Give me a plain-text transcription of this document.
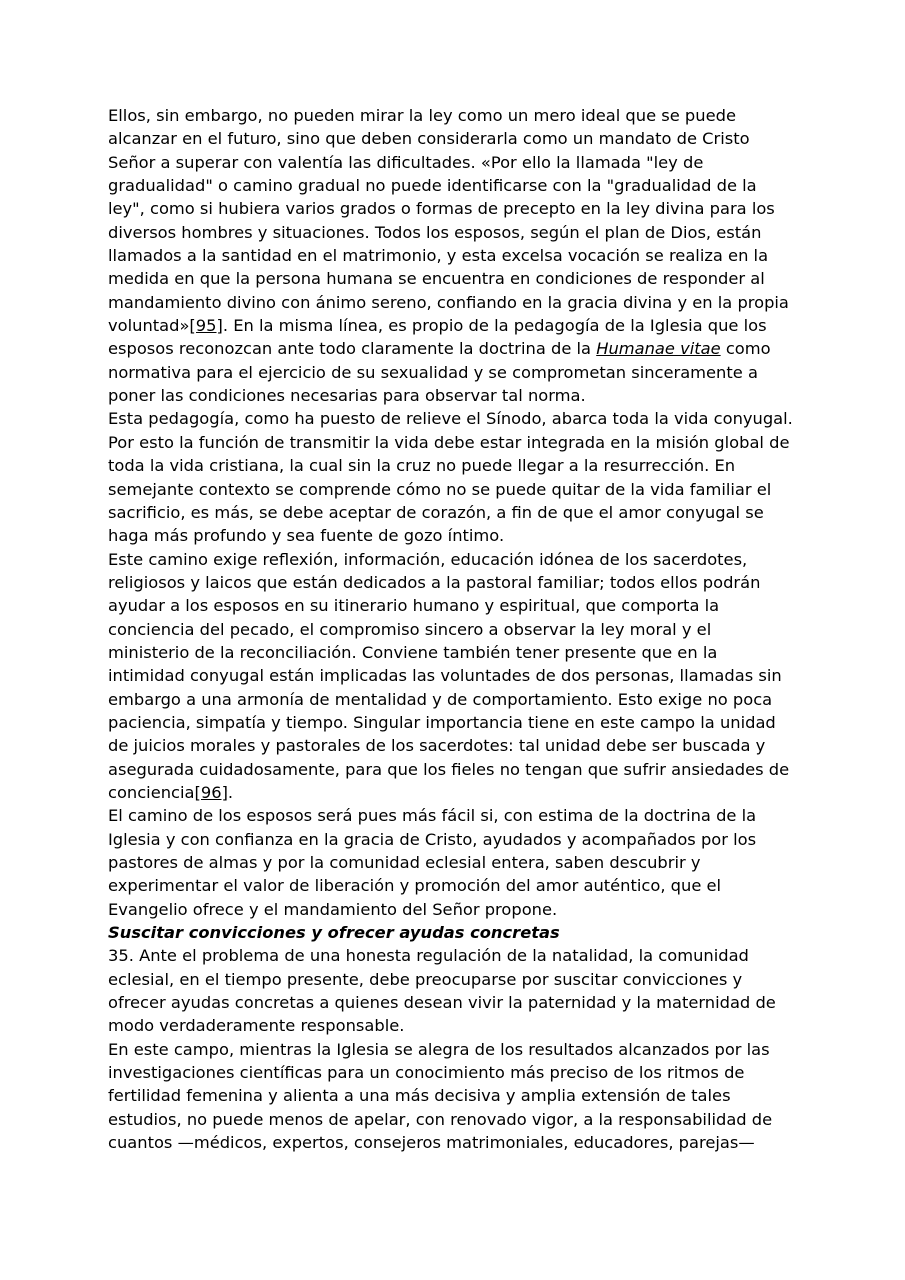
Ellos, sin embargo, no pueden mirar la ley como un mero ideal que se puede alcanzar en el futuro, sino que deben considerarla como un mandato de Cristo Señor a superar con valentía las dificultades. «Por ello la llamada "ley de gradualidad" o camino gradual no puede identificarse con la "gradualidad de la ley", como si hubiera varios grados o formas de precepto en la ley divina para los diversos hombres y situaciones. Todos los esposos, según el plan de Dios, están llamados a la santidad en el matrimonio, y esta excelsa vocación se realiza en la medida en que la persona humana se encuentra en condiciones de responder al mandamiento divino con ánimo sereno, confiando en la gracia divina y en la propia voluntad»[95]. En la misma línea, es propio de la pedagogía de la Iglesia que los esposos reconozcan ante todo claramente la doctrina de la Humanae vitae como normativa para el ejercicio de su sexualidad y se comprometan sinceramente a poner las condiciones necesarias para observar tal norma.

Esta pedagogía, como ha puesto de relieve el Sínodo, abarca toda la vida conyugal. Por esto la función de transmitir la vida debe estar integrada en la misión global de toda la vida cristiana, la cual sin la cruz no puede llegar a la resurrección. En semejante contexto se comprende cómo no se puede quitar de la vida familiar el sacrificio, es más, se debe aceptar de corazón, a fin de que el amor conyugal se haga más profundo y sea fuente de gozo íntimo.

Este camino exige reflexión, información, educación idónea de los sacerdotes, religiosos y laicos que están dedicados a la pastoral familiar; todos ellos podrán ayudar a los esposos en su itinerario humano y espiritual, que comporta la conciencia del pecado, el compromiso sincero a observar la ley moral y el ministerio de la reconciliación. Conviene también tener presente que en la intimidad conyugal están implicadas las voluntades de dos personas, llamadas sin embargo a una armonía de mentalidad y de comportamiento. Esto exige no poca paciencia, simpatía y tiempo. Singular importancia tiene en este campo la unidad de juicios morales y pastorales de los sacerdotes: tal unidad debe ser buscada y asegurada cuidadosamente, para que los fieles no tengan que sufrir ansiedades de conciencia[96].

El camino de los esposos será pues más fácil si, con estima de la doctrina de la Iglesia y con confianza en la gracia de Cristo, ayudados y acompañados por los pastores de almas y por la comunidad eclesial entera, saben descubrir y experimentar el valor de liberación y promoción del amor auténtico, que el Evangelio ofrece y el mandamiento del Señor propone.

Suscitar convicciones y ofrecer ayudas concretas

35. Ante el problema de una honesta regulación de la natalidad, la comunidad eclesial, en el tiempo presente, debe preocuparse por suscitar convicciones y ofrecer ayudas concretas a quienes desean vivir la paternidad y la maternidad de modo verdaderamente responsable.

En este campo, mientras la Iglesia se alegra de los resultados alcanzados por las investigaciones científicas para un conocimiento más preciso de los ritmos de fertilidad femenina y alienta a una más decisiva y amplia extensión de tales estudios, no puede menos de apelar, con renovado vigor, a la responsabilidad de cuantos —médicos, expertos, consejeros matrimoniales, educadores, parejas—
